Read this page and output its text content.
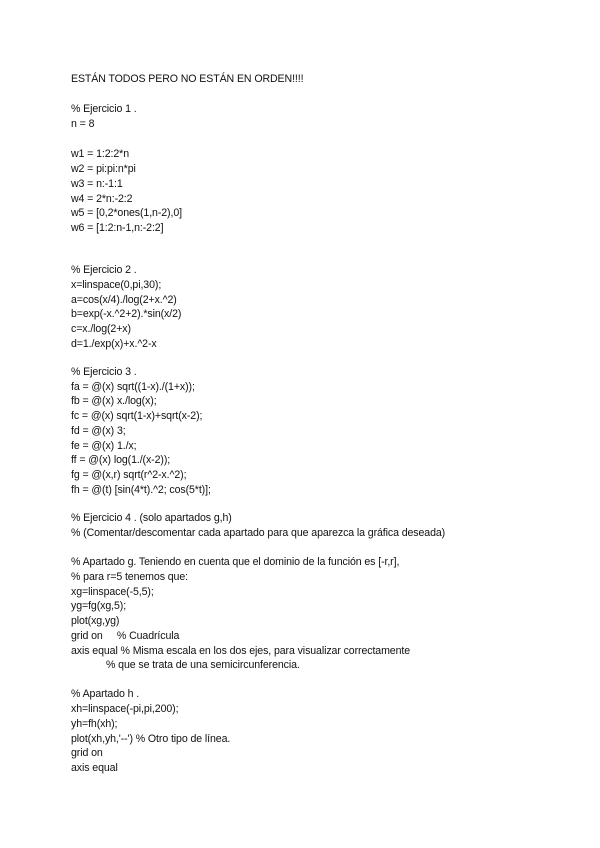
ESTÁN TODOS PERO NO ESTÁN EN ORDEN!!!!
% Ejercicio 1 .
n = 8
w1 = 1:2:2*n
w2 = pi:pi:n*pi
w3 = n:-1:1
w4 = 2*n:-2:2
w5 = [0,2*ones(1,n-2),0]
w6 = [1:2:n-1,n:-2:2]
% Ejercicio 2 .
x=linspace(0,pi,30);
a=cos(x/4)./log(2+x.^2)
b=exp(-x.^2+2).*sin(x/2)
c=x./log(2+x)
d=1./exp(x)+x.^2-x
% Ejercicio 3 .
fa = @(x) sqrt((1-x)./(1+x));
fb = @(x) x./log(x);
fc = @(x) sqrt(1-x)+sqrt(x-2);
fd = @(x) 3;
fe = @(x) 1./x;
ff = @(x) log(1./(x-2));
fg = @(x,r) sqrt(r^2-x.^2);
fh = @(t) [sin(4*t).^2; cos(5*t)];
% Ejercicio 4 . (solo apartados g,h)
% (Comentar/descomentar cada apartado para que aparezca la gráfica deseada)
% Apartado g. Teniendo en cuenta que el dominio de la función es [-r,r],
% para r=5 tenemos que:
xg=linspace(-5,5);
yg=fg(xg,5);
plot(xg,yg)
grid on     % Cuadrícula
axis equal % Misma escala en los dos ejes, para visualizar correctamente
% que se trata de una semicircunferencia.
% Apartado h .
xh=linspace(-pi,pi,200);
yh=fh(xh);
plot(xh,yh,'--') % Otro tipo de línea.
grid on
axis equal
